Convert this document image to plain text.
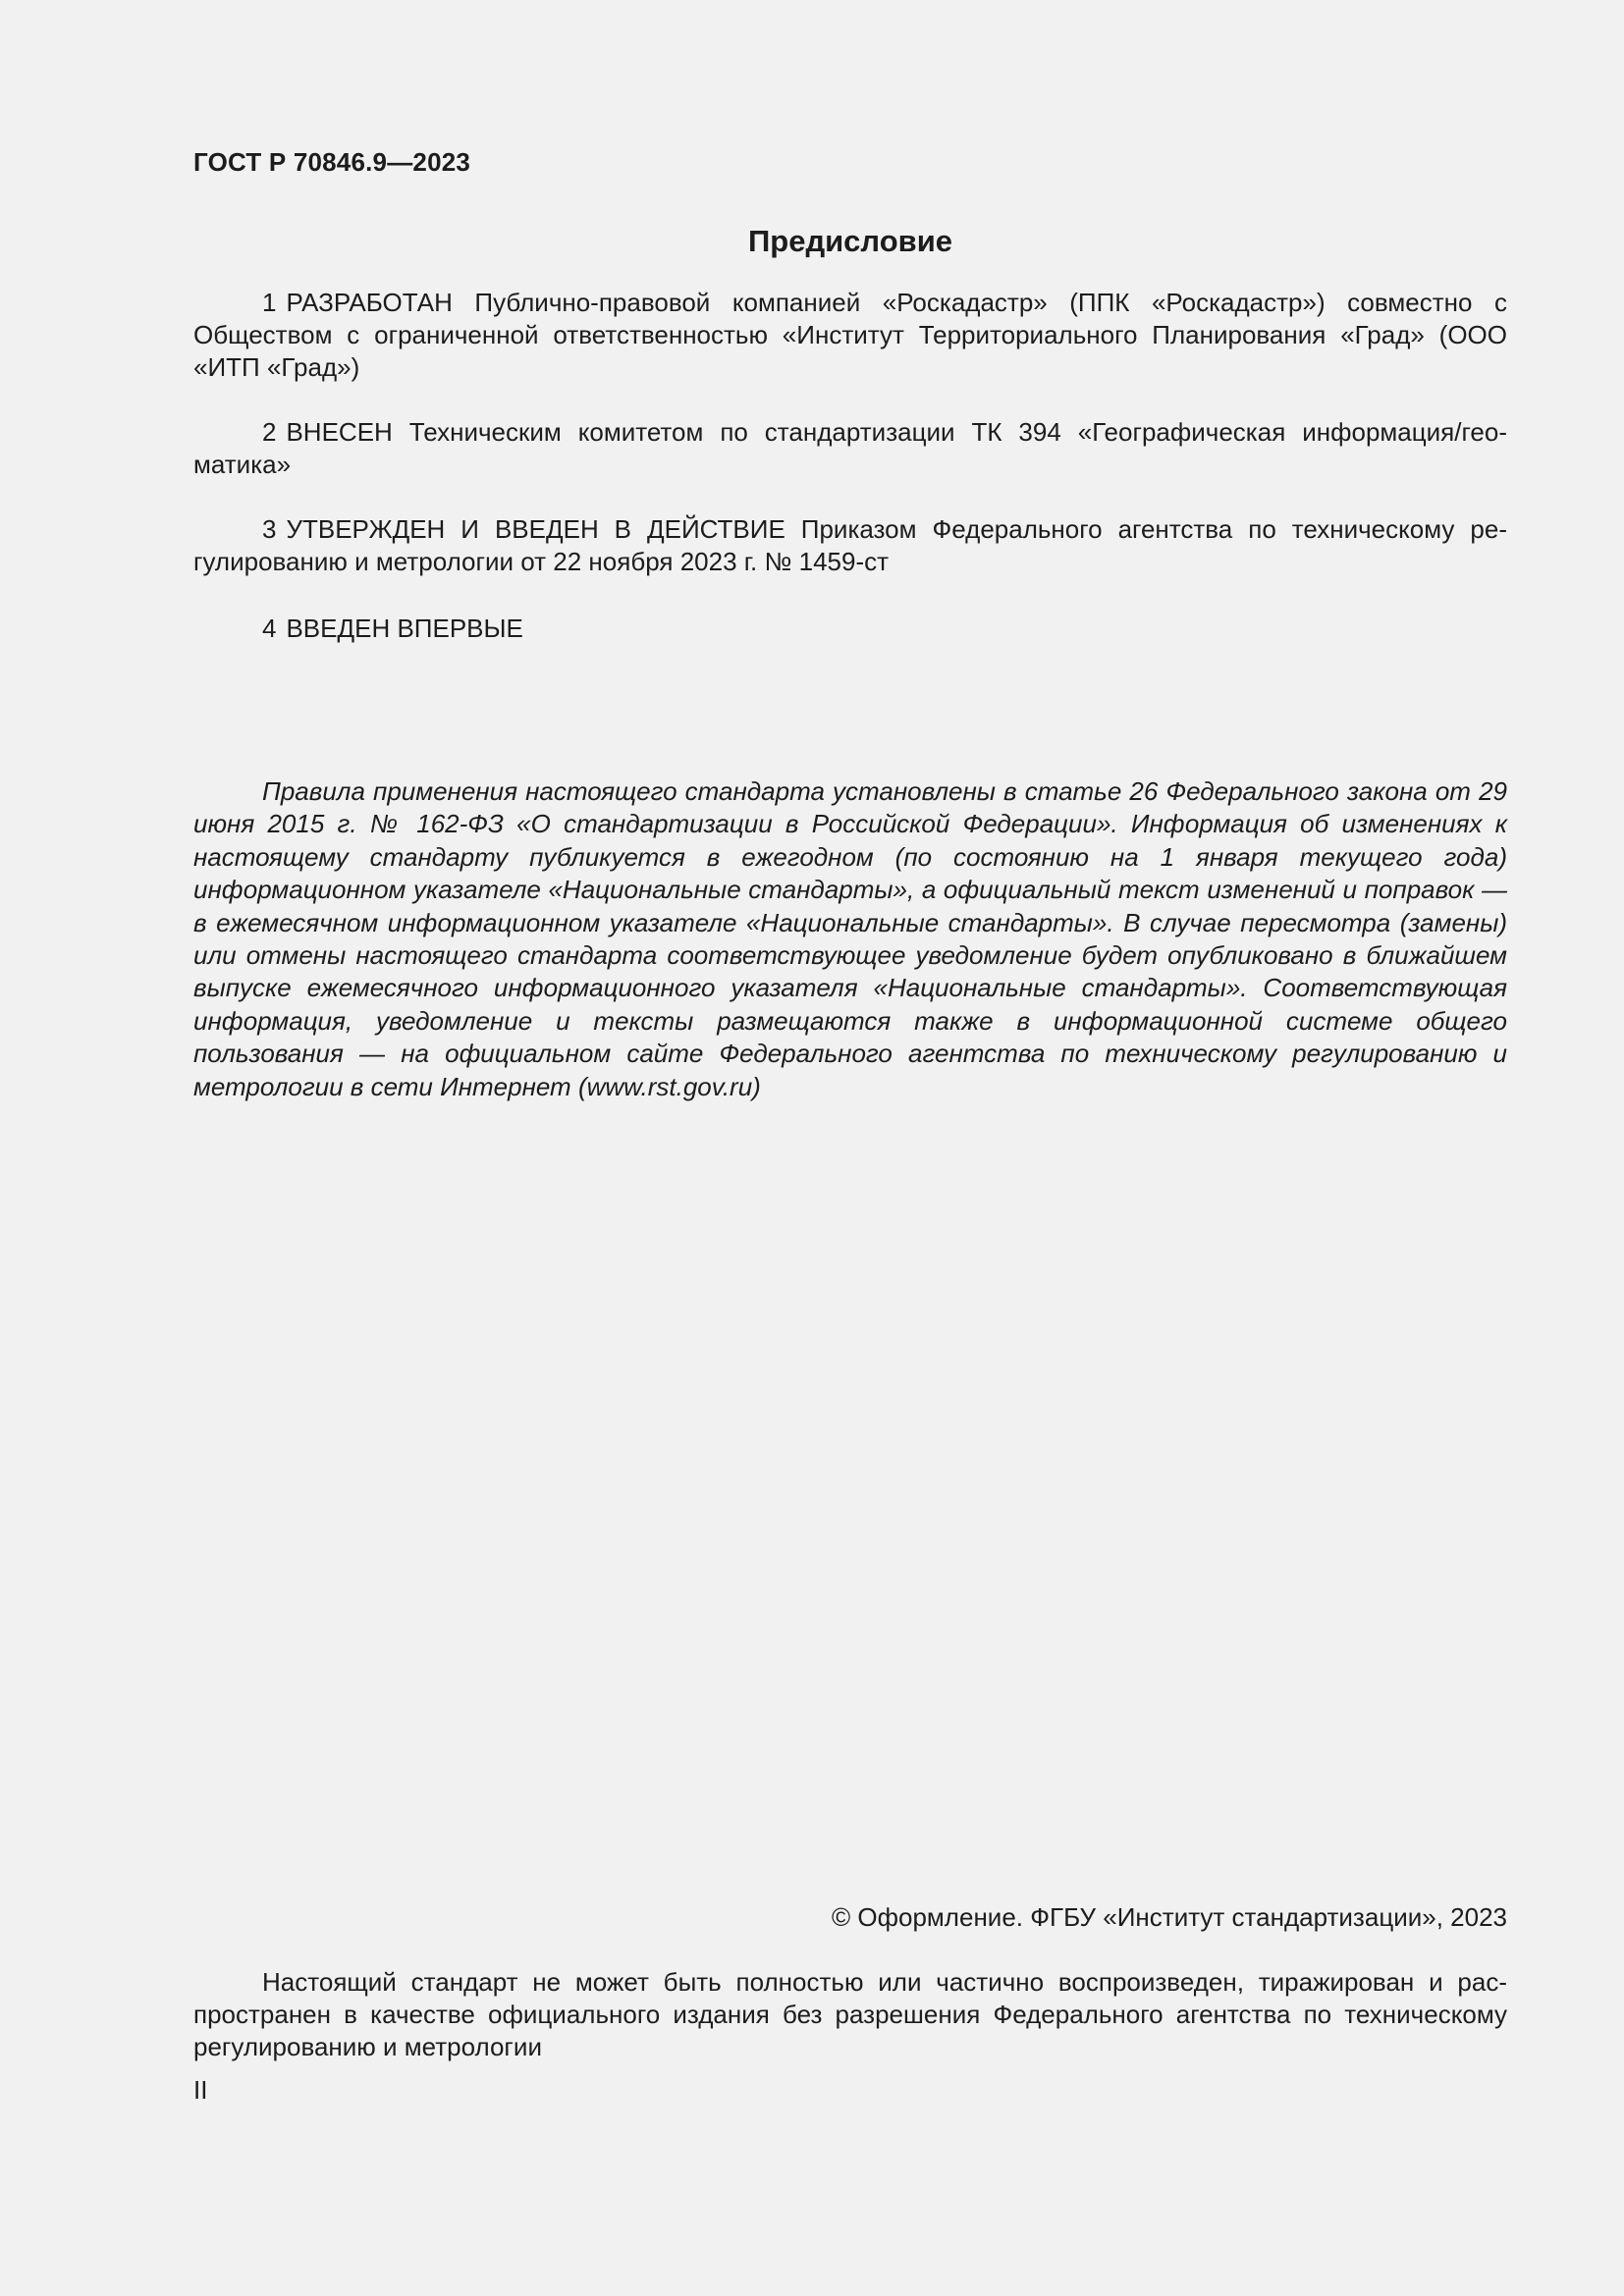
ГОСТ Р 70846.9—2023
Предисловие

1 РАЗРАБОТАН Публично-правовой компанией «Роскадастр» (ППК «Роскадастр») совместно с Обществом с ограниченной ответственностью «Институт Территориального Планирования «Град» (ООО «ИТП «Град»)

2 ВНЕСЕН Техническим комитетом по стандартизации ТК 394 «Географическая информация/геоматика»

3 УТВЕРЖДЕН И ВВЕДЕН В ДЕЙСТВИЕ Приказом Федерального агентства по техническому регулированию и метрологии от 22 ноября 2023 г. № 1459-ст

4 ВВЕДЕН ВПЕРВЫЕ

Правила применения настоящего стандарта установлены в статье 26 Федерального закона от 29 июня 2015 г. № 162-ФЗ «О стандартизации в Российской Федерации». Информация об изменениях к настоящему стандарту публикуется в ежегодном (по состоянию на 1 января текущего года) информационном указателе «Национальные стандарты», а официальный текст изменений и поправок — в ежемесячном информационном указателе «Национальные стандарты». В случае пересмотра (замены) или отмены настоящего стандарта соответствующее уведомление будет опубликовано в ближайшем выпуске ежемесячного информационного указателя «Национальные стандарты». Соответствующая информация, уведомление и тексты размещаются также в информационной системе общего пользования — на официальном сайте Федерального агентства по техническому регулированию и метрологии в сети Интернет (www.rst.gov.ru)

© Оформление. ФГБУ «Институт стандартизации», 2023

Настоящий стандарт не может быть полностью или частично воспроизведен, тиражирован и распространен в качестве официального издания без разрешения Федерального агентства по техническому регулированию и метрологии

II
